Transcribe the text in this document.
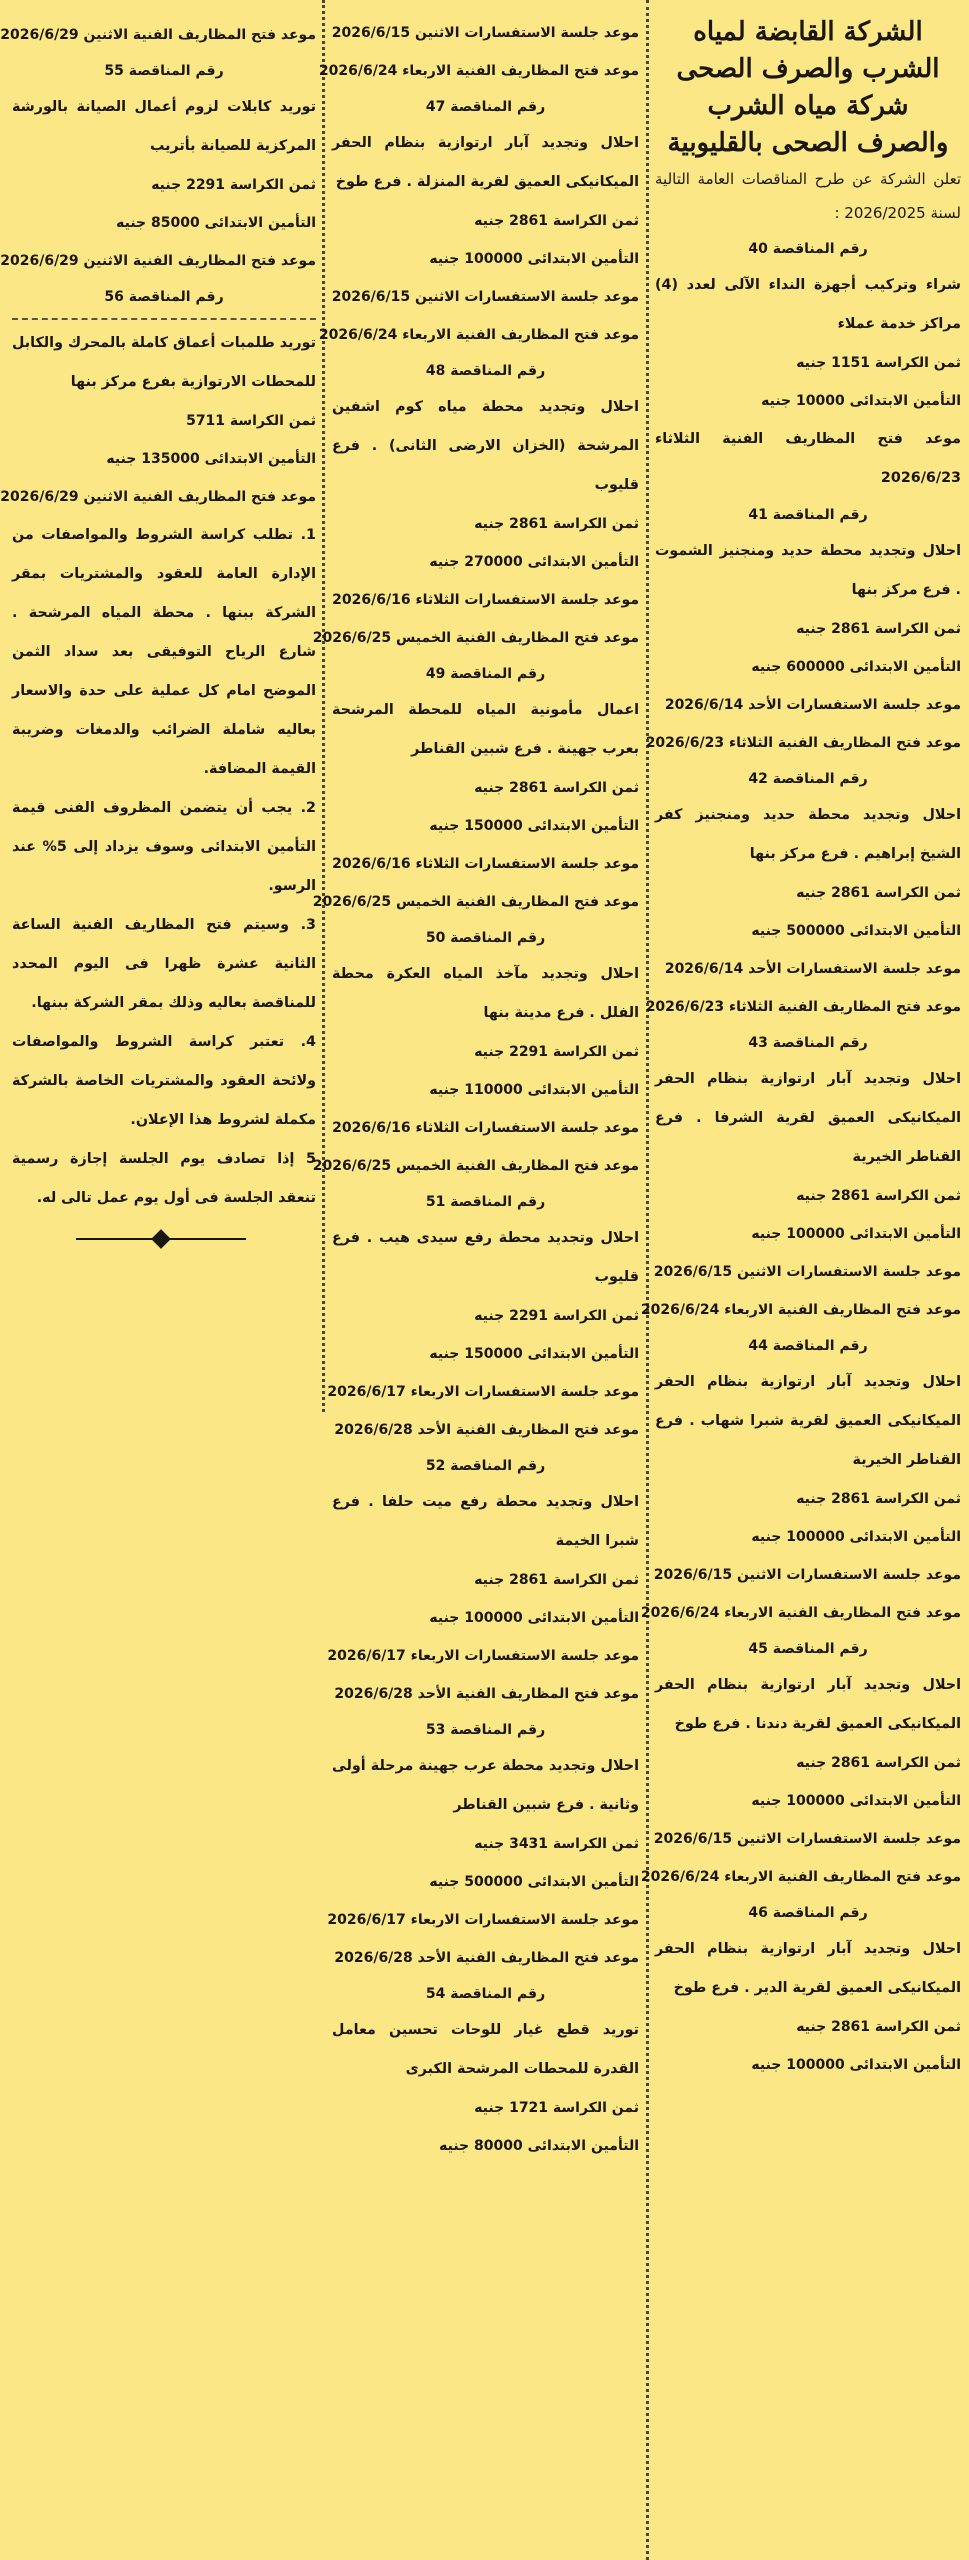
الشركة القابضة لمياه
الشرب والصرف الصحى
شركة مياه الشرب
والصرف الصحى بالقليوبية
تعلن الشركة عن طرح المناقصات العامة التالية لسنة 2026/2025 :
رقم المناقصة 40
شراء وتركيب أجهزة النداء الآلى لعدد (4) مراكز خدمة عملاء
ثمن الكراسة 1151 جنيه
التأمين الابتدائى 10000 جنيه
موعد فتح المظاريف الفنية الثلاثاء 2026/6/23
رقم المناقصة 41
احلال وتجديد محطة حديد ومنجنيز الشموت . فرع مركز بنها
ثمن الكراسة 2861 جنيه
التأمين الابتدائى 600000 جنيه
موعد جلسة الاستفسارات الأحد 2026/6/14
موعد فتح المظاريف الفنية الثلاثاء 2026/6/23
رقم المناقصة 42
احلال وتجديد محطة حديد ومنجنيز كفر الشيخ إبراهيم . فرع مركز بنها
ثمن الكراسة 2861 جنيه
التأمين الابتدائى 500000 جنيه
موعد جلسة الاستفسارات الأحد 2026/6/14
موعد فتح المظاريف الفنية الثلاثاء 2026/6/23
رقم المناقصة 43
احلال وتجديد آبار ارتوازية بنظام الحفر الميكانيكى العميق لقرية الشرفا . فرع القناطر الخيرية
ثمن الكراسة 2861 جنيه
التأمين الابتدائى 100000 جنيه
موعد جلسة الاستفسارات الاثنين 2026/6/15
موعد فتح المظاريف الفنية الاربعاء 2026/6/24
رقم المناقصة 44
احلال وتجديد آبار ارتوازية بنظام الحفر الميكانيكى العميق لقرية شبرا شهاب . فرع القناطر الخيرية
ثمن الكراسة 2861 جنيه
التأمين الابتدائى 100000 جنيه
موعد جلسة الاستفسارات الاثنين 2026/6/15
موعد فتح المظاريف الفنية الاربعاء 2026/6/24
رقم المناقصة 45
احلال وتجديد آبار ارتوازية بنظام الحفر الميكانيكى العميق لقرية دندنا . فرع طوخ
ثمن الكراسة 2861 جنيه
التأمين الابتدائى 100000 جنيه
موعد جلسة الاستفسارات الاثنين 2026/6/15
موعد فتح المظاريف الفنية الاربعاء 2026/6/24
رقم المناقصة 46
احلال وتجديد آبار ارتوازية بنظام الحفر الميكانيكى العميق لقرية الدير . فرع طوخ
ثمن الكراسة 2861 جنيه
التأمين الابتدائى 100000 جنيه
موعد جلسة الاستفسارات الاثنين 2026/6/15
موعد فتح المظاريف الفنية الاربعاء 2026/6/24
رقم المناقصة 47
احلال وتجديد آبار ارتوازية بنظام الحفر الميكانيكى العميق لقرية المنزلة . فرع طوخ
ثمن الكراسة 2861 جنيه
التأمين الابتدائى 100000 جنيه
موعد جلسة الاستفسارات الاثنين 2026/6/15
موعد فتح المظاريف الفنية الاربعاء 2026/6/24
رقم المناقصة 48
احلال وتجديد محطة مياه كوم اشفين المرشحة (الخزان الارضى الثانى) . فرع قليوب
ثمن الكراسة 2861 جنيه
التأمين الابتدائى 270000 جنيه
موعد جلسة الاستفسارات الثلاثاء 2026/6/16
موعد فتح المظاريف الفنية الخميس 2026/6/25
رقم المناقصة 49
اعمال مأمونية المياه للمحطة المرشحة بعرب جهينة . فرع شبين القناطر
ثمن الكراسة 2861 جنيه
التأمين الابتدائى 150000 جنيه
موعد جلسة الاستفسارات الثلاثاء 2026/6/16
موعد فتح المظاريف الفنية الخميس 2026/6/25
رقم المناقصة 50
احلال وتجديد مآخذ المياه العكرة محطة الفلل . فرع مدينة بنها
ثمن الكراسة 2291 جنيه
التأمين الابتدائى 110000 جنيه
موعد جلسة الاستفسارات الثلاثاء 2026/6/16
موعد فتح المظاريف الفنية الخميس 2026/6/25
رقم المناقصة 51
احلال وتجديد محطة رفع سيدى هيب . فرع قليوب
ثمن الكراسة 2291 جنيه
التأمين الابتدائى 150000 جنيه
موعد جلسة الاستفسارات الاربعاء 2026/6/17
موعد فتح المظاريف الفنية الأحد 2026/6/28
رقم المناقصة 52
احلال وتجديد محطة رفع ميت حلفا . فرع شبرا الخيمة
ثمن الكراسة 2861 جنيه
التأمين الابتدائى 100000 جنيه
موعد جلسة الاستفسارات الاربعاء 2026/6/17
موعد فتح المظاريف الفنية الأحد 2026/6/28
رقم المناقصة 53
احلال وتجديد محطة عرب جهينة مرحلة أولى وثانية . فرع شبين القناطر
ثمن الكراسة 3431 جنيه
التأمين الابتدائى 500000 جنيه
موعد جلسة الاستفسارات الاربعاء 2026/6/17
موعد فتح المظاريف الفنية الأحد 2026/6/28
رقم المناقصة 54
توريد قطع غيار للوحات تحسين معامل القدرة للمحطات المرشحة الكبرى
ثمن الكراسة 1721 جنيه
التأمين الابتدائى 80000 جنيه
موعد فتح المظاريف الفنية الاثنين 2026/6/29
رقم المناقصة 55
توريد كابلات لزوم أعمال الصيانة بالورشة المركزية للصيانة بأتريب
ثمن الكراسة 2291 جنيه
التأمين الابتدائى 85000 جنيه
موعد فتح المظاريف الفنية الاثنين 2026/6/29
رقم المناقصة 56
توريد طلمبات أعماق كاملة بالمحرك والكابل للمحطات الارتوازية بفرع مركز بنها
ثمن الكراسة 5711
التأمين الابتدائى 135000 جنيه
موعد فتح المظاريف الفنية الاثنين 2026/6/29
1. تطلب كراسة الشروط والمواصفات من الإدارة العامة للعقود والمشتريات بمقر الشركة ببنها . محطة المياه المرشحة . شارع الرياح التوفيقى بعد سداد الثمن الموضح امام كل عملية على حدة والاسعار بعاليه شاملة الضرائب والدمغات وضريبة القيمة المضافة.
2. يجب أن يتضمن المظروف الفنى قيمة التأمين الابتدائى وسوف يزداد إلى 5% عند الرسو.
3. وسيتم فتح المظاريف الفنية الساعة الثانية عشرة ظهرا فى اليوم المحدد للمناقصة بعاليه وذلك بمقر الشركة ببنها.
4. تعتبر كراسة الشروط والمواصفات ولائحة العقود والمشتريات الخاصة بالشركة مكملة لشروط هذا الإعلان.
5 إذا تصادف يوم الجلسة إجازة رسمية تنعقد الجلسة فى أول يوم عمل تالى له.
